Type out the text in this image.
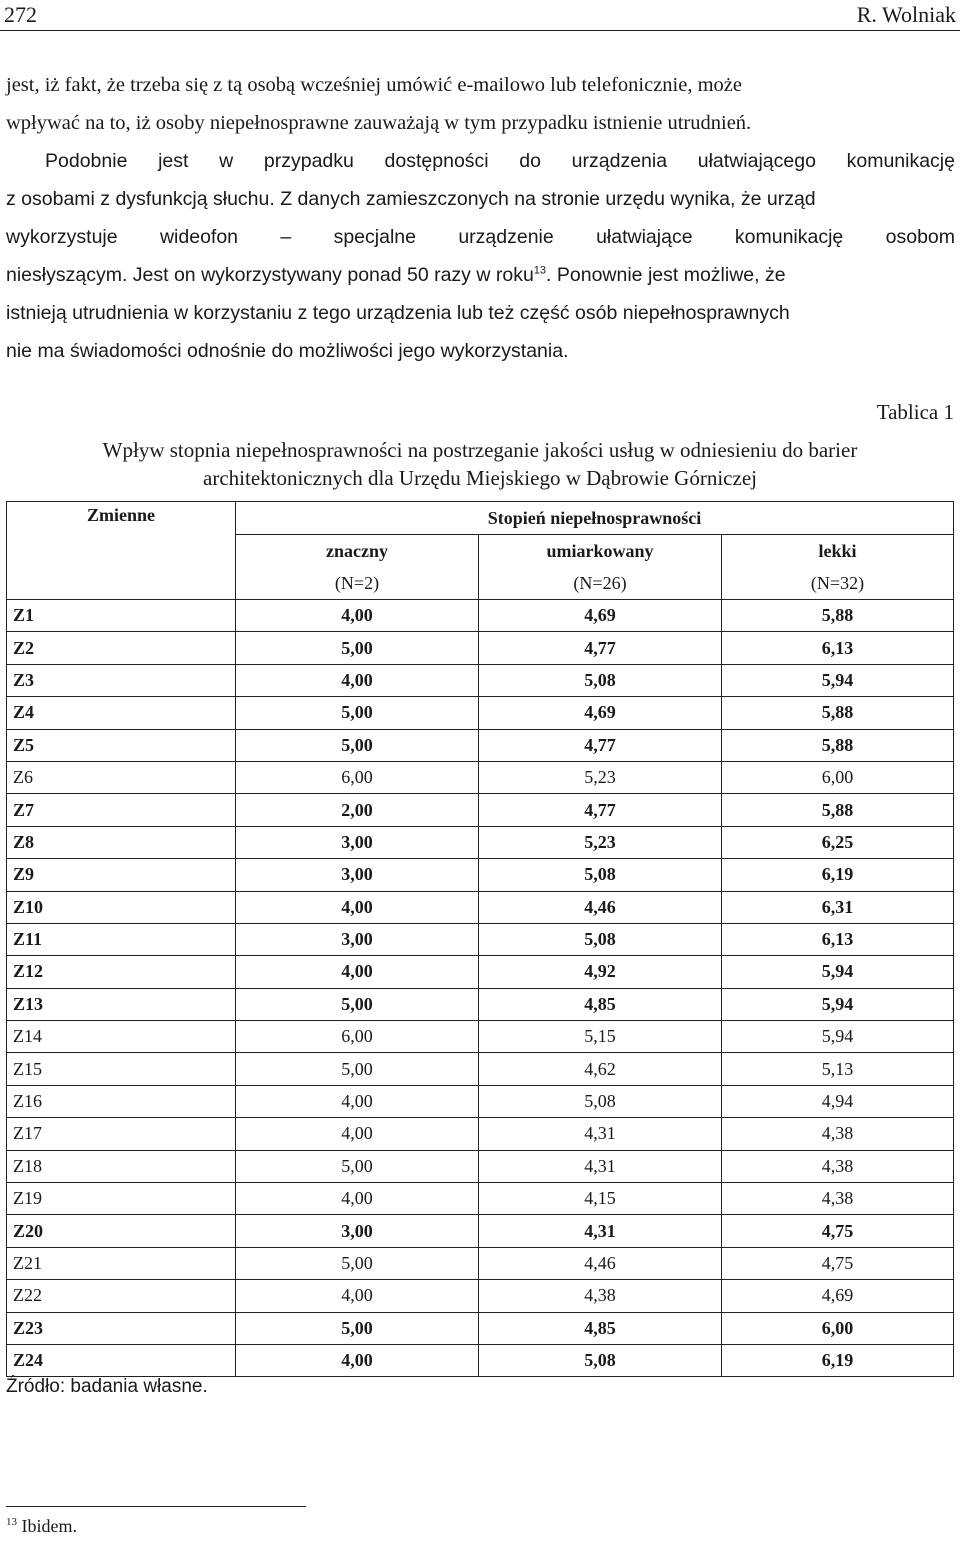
272	R. Wolniak
jest, iż fakt, że trzeba się z tą osobą wcześniej umówić e-mailowo lub telefonicznie, może
wpływać na to, iż osoby niepełnosprawne zauważają w tym przypadku istnienie utrudnień.
Podobnie jest w przypadku dostępności do urządzenia ułatwiającego komunikację
z osobami z dysfunkcją słuchu. Z danych zamieszczonych na stronie urzędu wynika, że urząd
wykorzystuje wideofon – specjalne urządzenie ułatwiające komunikację osobom
niesłyszącym. Jest on wykorzystywany ponad 50 razy w roku$^{13}$. Ponownie jest możliwe, że
istnieją utrudnienia w korzystaniu z tego urządzenia lub też część osób niepełnosprawnych
nie ma świadomości odnośnie do możliwości jego wykorzystania.
Tablica 1
Wpływ stopnia niepełnosprawności na postrzeganie jakości usług w odniesieniu do barier
architektonicznych dla Urzędu Miejskiego w Dąbrowie Górniczej
Zmienne	Stopień niepełnosprawności		
	znaczny	umiarkowany	lekki
	(N=2)	(N=26)	(N=32)
Z1	4,00	4,69	5,88
Z2	5,00	4,77	6,13
Z3	4,00	5,08	5,94
Z4	5,00	4,69	5,88
Z5	5,00	4,77	5,88
Z6	6,00	5,23	6,00
Z7	2,00	4,77	5,88
Z8	3,00	5,23	6,25
Z9	3,00	5,08	6,19
Z10	4,00	4,46	6,31
Z11	3,00	5,08	6,13
Z12	4,00	4,92	5,94
Z13	5,00	4,85	5,94
Z14	6,00	5,15	5,94
Z15	5,00	4,62	5,13
Z16	4,00	5,08	4,94
Z17	4,00	4,31	4,38
Z18	5,00	4,31	4,38
Z19	4,00	4,15	4,38
Z20	3,00	4,31	4,75
Z21	5,00	4,46	4,75
Z22	4,00	4,38	4,69
Z23	5,00	4,85	6,00
Z24	4,00	5,08	6,19
Źródło: badania własne.
$^{13}$ Ibidem.
